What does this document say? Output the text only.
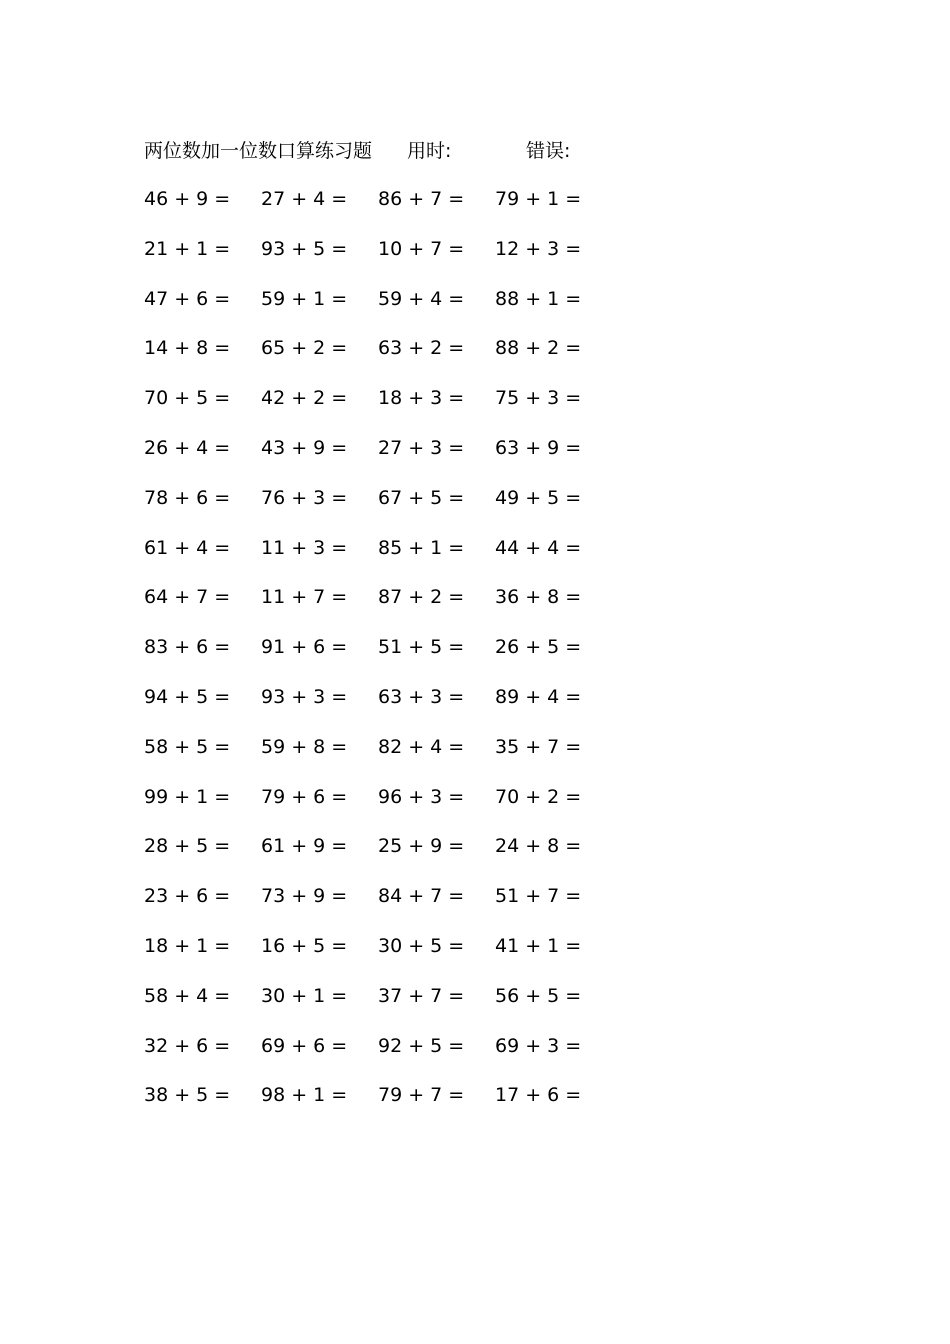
两位数加一位数口算练习题 用时:	错误:
46 + 9 = 27 + 4 = 86 + 7 = 79 + 1 =
21 + 1 = 93 + 5 = 10 + 7 = 12 + 3 =
47 + 6 = 59 + 1 = 59 + 4 = 88 + 1 =
14 + 8 = 65 + 2 = 63 + 2 = 88 + 2 =
70 + 5 = 42 + 2 = 18 + 3 = 75 + 3 =
26 + 4 = 43 + 9 = 27 + 3 = 63 + 9 =
78 + 6 = 76 + 3 = 67 + 5 = 49 + 5 =
61 + 4 = 11 + 3 = 85 + 1 = 44 + 4 =
64 + 7 = 11 + 7 = 87 + 2 = 36 + 8 =
83 + 6 = 91 + 6 = 51 + 5 = 26 + 5 =
94 + 5 = 93 + 3 = 63 + 3 = 89 + 4 =
58 + 5 = 59 + 8 = 82 + 4 = 35 + 7 =
99 + 1 = 79 + 6 = 96 + 3 = 70 + 2 =
28 + 5 = 61 + 9 = 25 + 9 = 24 + 8 =
23 + 6 = 73 + 9 = 84 + 7 = 51 + 7 =
18 + 1 = 16 + 5 = 30 + 5 = 41 + 1 =
58 + 4 = 30 + 1 = 37 + 7 = 56 + 5 =
32 + 6 = 69 + 6 = 92 + 5 = 69 + 3 =
38 + 5 = 98 + 1 = 79 + 7 = 17 + 6 =
